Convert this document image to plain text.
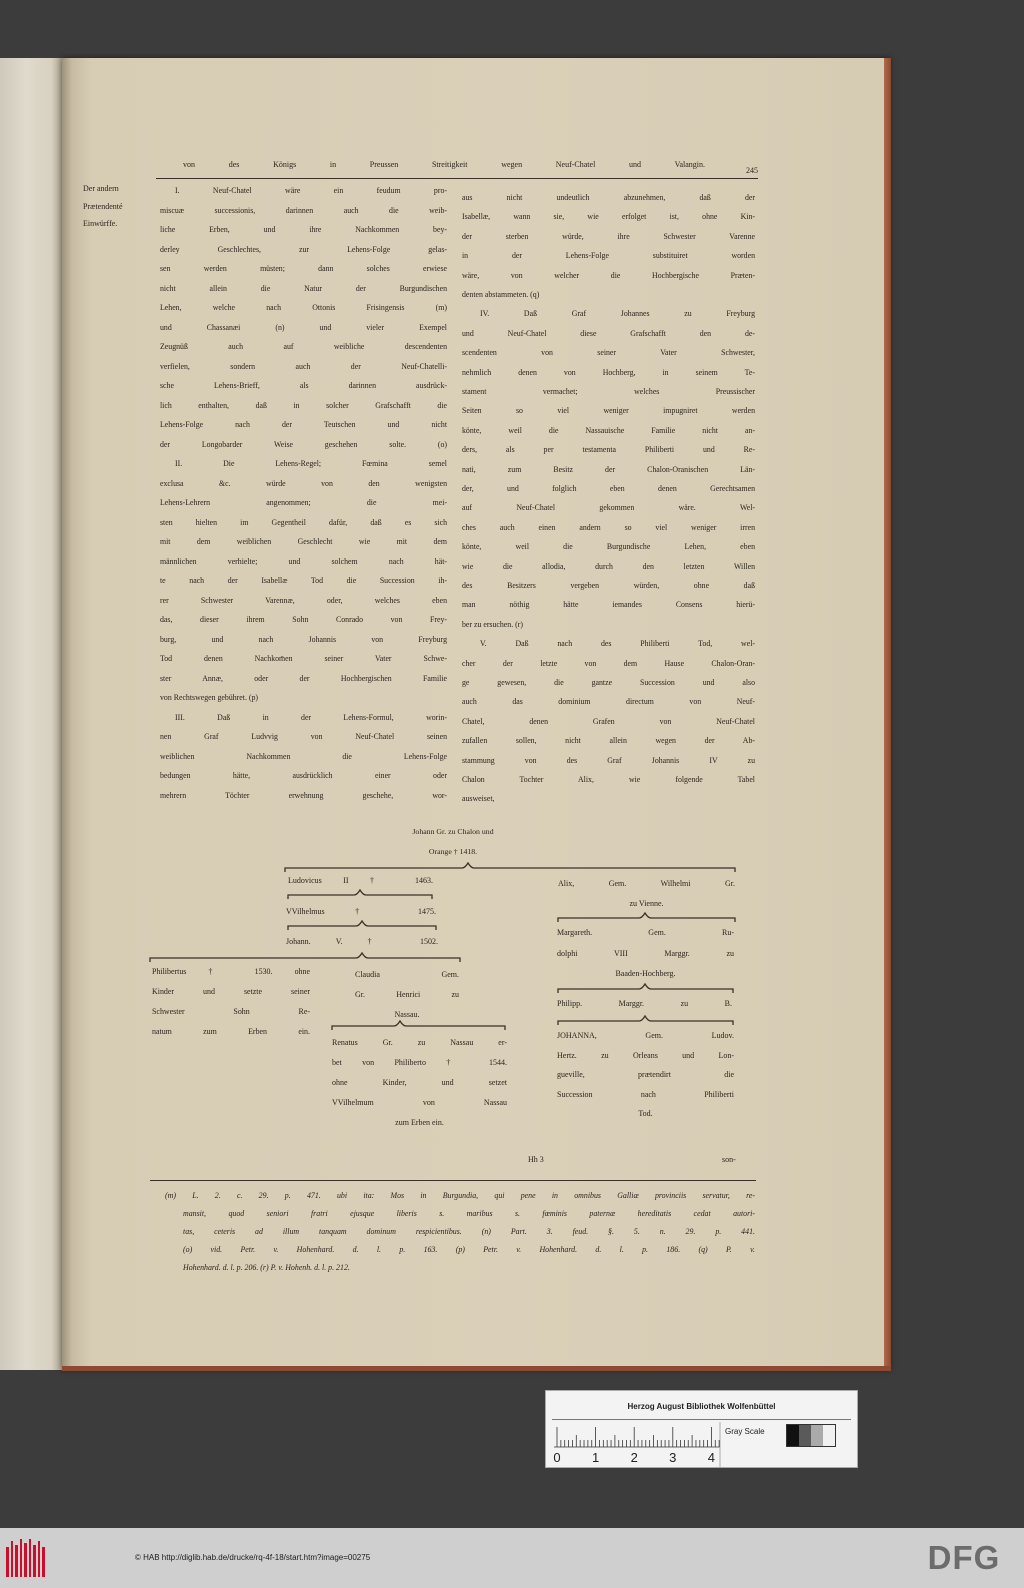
von des Königs in Preussen Streitigkeit wegen Neuf-Chatel und Valangin.
245
Der andern
Prætendenté
Einwürffe.
I. Neuf-Chatel wäre ein feudum pro-
miscuæ successionis, darinnen auch die weib-
liche Erben, und ihre Nachkommen bey-
derley Geschlechtes, zur Lehens-Folge gelas-
sen werden müsten; dann solches erwiese
nicht allein die Natur der Burgundischen
Lehen, welche nach Ottonis Frisingensis (m)
und Chassanæi (n) und vieler Exempel
Zeugnüß auch auf weibliche descendenten
verfielen, sondern auch der Neuf-Chatelli-
sche Lehens-Brieff, als darinnen ausdrück-
lich enthalten, daß in solcher Grafschafft die
Lehens-Folge nach der Teutschen und nicht
der Longobarder Weise geschehen solte. (o)
II. Die Lehens-Regel; Fœmina semel
exclusa &c. würde von den wenigsten
Lehens-Lehrern angenommen; die mei-
sten hielten im Gegentheil dafür, daß es sich
mit dem weiblichen Geschlecht wie mit dem
männlichen verhielte; und solchem nach hät-
te nach der Isabellæ Tod die Succession ih-
rer Schwester Varennæ, oder, welches eben
das, dieser ihrem Sohn Conrado von Frey-
burg, und nach Johannis von Freyburg
Tod denen Nachkom̄en seiner Vater Schwe-
ster Annæ, oder der Hochbergischen Familie
von Rechtswegen gebühret. (p)
III. Daß in der Lehens-Formul, worin-
nen Graf Ludvvig von Neuf-Chatel seinen
weiblichen Nachkommen die Lehens-Folge
bedungen hätte, ausdrücklich einer oder
mehrern Töchter erwehnung geschehe, wor-
aus nicht undeutlich abzunehmen, daß der
Isabellæ, wann sie, wie erfolget ist, ohne Kin-
der sterben würde, ihre Schwester Varenne
in der Lehens-Folge substituiret worden
wäre, von welcher die Hochbergische Præten-
denten abstammeten. (q)
IV. Daß Graf Johannes zu Freyburg
und Neuf-Chatel diese Grafschafft den de-
scendenten von seiner Vater Schwester,
nehmlich denen von Hochberg, in seinem Te-
stament vermachet; welches Preussischer
Seiten so viel weniger impugniret werden
könte, weil die Nassauische Familie nicht an-
ders, als per testamenta Philiberti und Re-
nati, zum Besitz der Chalon-Oranischen Län-
der, und folglich eben denen Gerechtsamen
auf Neuf-Chatel gekommen wäre. Wel-
ches auch einen andern so viel weniger irren
könte, weil die Burgundische Lehen, eben
wie die allodia, durch den letzten Willen
des Besitzers vergeben würden, ohne daß
man nöthig hätte iemandes Consens hierü-
ber zu ersuchen. (r)
V. Daß nach des Philiberti Tod, wel-
cher der letzte von dem Hause Chalon-Oran-
ge gewesen, die gantze Succession und also
auch das dominium directum von Neuf-
Chatel, denen Grafen von Neuf-Chatel
zufallen sollen, nicht allein wegen der Ab-
stammung von des Graf Johannis IV zu
Chalon Tochter Alix, wie folgende Tabel
ausweiset,
Johann Gr. zu Chalon und
Orange † 1418.
Ludovicus II † 1463.
VVilhelmus † 1475.
Johann. V. † 1502.
Philibertus † 1530. ohne
Kinder und setzte seiner
Schwester Sohn Re-
natum zum Erben ein.
Claudia Gem.
Gr. Henrici zu
Nassau.
Renatus Gr. zu Nassau er-
bet von Philiberto † 1544.
ohne Kinder, und setzet
VVilhelmum von Nassau
zum Erben ein.
Alix, Gem. Wilhelmi Gr.
zu Vienne.
Margareth. Gem. Ru-
dolphi VIII Marggr. zu
Baaden-Hochberg.
Philipp. Marggr. zu B.
JOHANNA, Gem. Ludov.
Hertz. zu Orleans und Lon-
gueville, prætendirt die
Succession nach Philiberti
Tod.
Hh 3	son-
(m) L. 2. c. 29. p. 471. ubi ita: Mos in Burgundia, qui pene in omnibus Galliæ provinciis servatur, re-
mansit, quod seniori fratri ejusque liberis s. maribus s. fœminis paternæ hereditatis cedat autori-
tas, ceteris ad illum tanquam dominum respicientibus. (n) Part. 3. feud. §. 5. n. 29. p. 441.
(o) vid. Petr. v. Hohenhard. d. l. p. 163. (p) Petr. v. Hohenhard. d. l. p. 186. (q) P. v.
Hohenhard. d. l. p. 206. (r) P. v. Hohenh. d. l. p. 212.
Herzog August Bibliothek Wolfenbüttel
0 1 2 3 4
Gray Scale
© HAB http://diglib.hab.de/drucke/rq-4f-18/start.htm?image=00275	DFG
